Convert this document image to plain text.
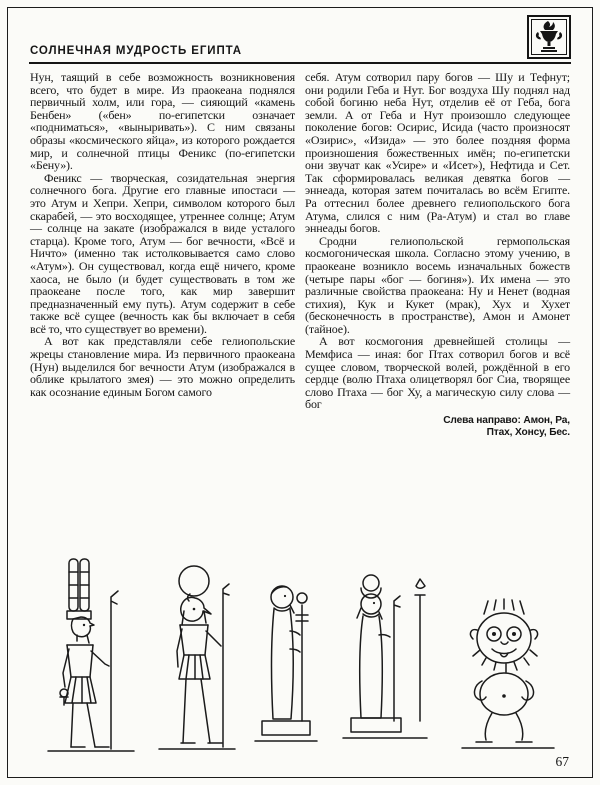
СОЛНЕЧНАЯ МУДРОСТЬ ЕГИПТА

Нун, таящий в себе возможность возникновения всего, что будет в мире. Из праокеана поднялся первичный холм, или гора, — сияющий «камень Бенбен» («бен» по-египетски означает «подниматься», «выныривать»). С ним связаны образы «космического яйца», из которого рождается мир, и солнечной птицы Феникс (по-египетски «Бену»).

Феникс — творческая, созидательная энергия солнечного бога. Другие его главные ипостаси — это Атум и Хепри. Хепри, символом которого был скарабей, — это восходящее, утреннее солнце; Атум — солнце на закате (изображался в виде усталого старца). Кроме того, Атум — бог вечности, «Всё и Ничто» (именно так истолковывается само слово «Атум»). Он существовал, когда ещё ничего, кроме хаоса, не было (и будет существовать в том же праокеане после того, как мир завершит предназначенный ему путь). Атум содержит в себе также всё сущее (вечность как бы включает в себя всё то, что существует во времени).

А вот как представляли себе гелиопольские жрецы становление мира. Из первичного праокеана (Нун) выделился бог вечности Атум (изображался в облике крылатого змея) — это можно определить как осознание единым Богом самого

себя. Атум сотворил пару богов — Шу и Тефнут; они родили Геба и Нут. Бог воздуха Шу поднял над собой богиню неба Нут, отделив её от Геба, бога земли. А от Геба и Нут произошло следующее поколение богов: Осирис, Исида (часто произносят «Озирис», «Изида» — это более поздняя форма произношения божественных имён; по-египетски они звучат как «Усире» и «Исет»), Нефтида и Сет. Так сформировалась великая девятка богов — эннеада, которая затем почиталась во всём Египте. Ра оттеснил более древнего гелиопольского бога Атума, слился с ним (Ра-Атум) и стал во главе эннеады богов.

Сродни гелиопольской гермопольская космогоническая школа. Согласно этому учению, в праокеане возникло восемь изначальных божеств (четыре пары «бог — богиня»). Их имена — это различные свойства праокеана: Ну и Ненет (водная стихия), Кук и Кукет (мрак), Хух и Хухет (бесконечность в пространстве), Амон и Амонет (тайное).

А вот космогония древнейшей столицы — Мемфиса — иная: бог Птах сотворил богов и всё сущее словом, творческой волей, рождённой в его сердце (волю Птаха олицетворял бог Сиа, творящее слово Птаха — бог Ху, а магическую силу слова — бог

Слева направо: Амон, Ра, Птах, Хонсу, Бес.
67
